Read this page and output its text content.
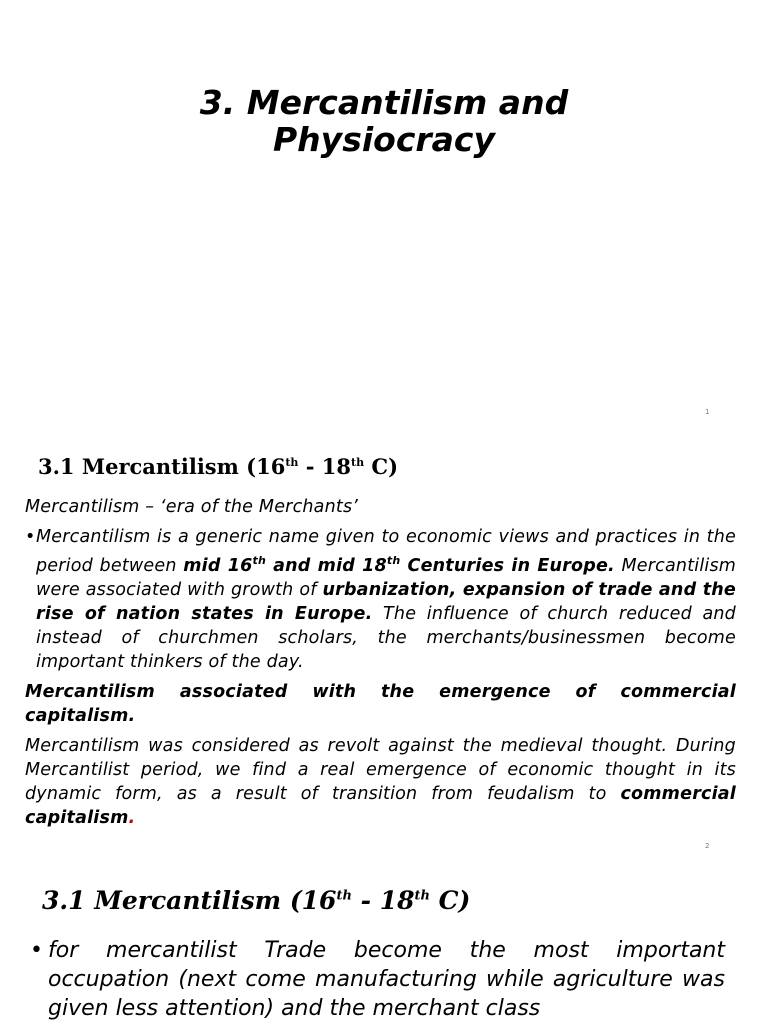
3. Mercantilism and
Physiocracy
1
3.1 Mercantilism (16th - 18th C)

Mercantilism – ‘era of the Merchants’

• Mercantilism is a generic name given to economic views and practices in the period between mid 16th and mid 18th Centuries in Europe. Mercantilism were associated with growth of urbanization, expansion of trade and the rise of nation states in Europe. The influence of church reduced and instead of churchmen scholars, the merchants/businessmen become important thinkers of the day.

Mercantilism associated with the emergence of commercial capitalism.

Mercantilism was considered as revolt against the medieval thought. During Mercantilist period, we find a real emergence of economic thought in its dynamic form, as a result of transition from feudalism to commercial capitalism.

2
3.1 Mercantilism (16th - 18th C)
• for mercantilist Trade become the most important occupation (next come manufacturing while agriculture was given less attention) and the merchant class
